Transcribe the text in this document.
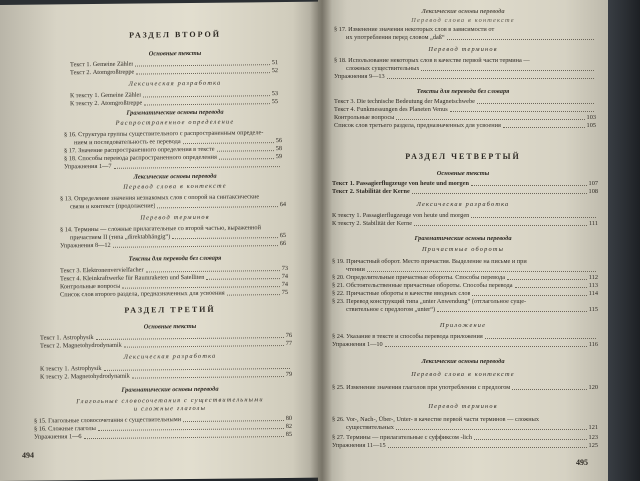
РАЗДЕЛ ВТОРОЙ
Основные тексты
Текст 1. Gemeine Zähler	51
Текст 2. Atomgroßtreppe	52
Лексическая разработка
К тексту 1. Gemeine Zähler	53
К тексту 2. Atomgroßtreppe	55
Грамматические основы перевода
Распространенное определение
§ 16. Структура группы существительного с распространенным определе-
нием и последовательность ее перевода	56
§ 17. Значение распространенного определения в тексте	58
§ 18. Способы перевода распространенного определения	59
Упражнения 1—7
Лексические основы перевода
Перевод слова в контексте
§ 13. Определение значения незнакомых слов с опорой на синтаксические
связи и контекст (продолжение)	64
Перевод терминов
§ 14. Термины — сложные прилагательные со второй частью, выраженной
причастием II (типа „direktabhängig“)	65
Упражнения 8—12	66
Тексты для перевода без словаря
Текст 3. Elektronenvervielfacher	73
Текст 4. Kleinkraftwerke für Raumraketen und Satelliten	74
Контрольные вопросы	74
Список слов второго раздела, предназначенных для усвоения	75
РАЗДЕЛ ТРЕТИЙ
Основные тексты
Текст 1. Astrophysik	76
Текст 2. Magnetohydrodynamik	77
Лексическая разработка
К тексту 1. Astrophysik
К тексту 2. Magnetohydrodynamik	79
Грамматические основы перевода
Глагольные словосочетания с существительными
и сложные глаголы
§ 15. Глагольные словосочетания с существительными	80
§ 16. Сложные глаголы	82
Упражнения 1—6	85
494
Лексические основы перевода
Перевод слова в контексте
§ 17. Изменение значения некоторых слов в зависимости от
их употребления перед словом „daß“
Перевод терминов
§ 18. Использование некоторых слов в качестве первой части термина —
сложных существительных
Упражнения 9—13
Тексты для перевода без словаря
Текст 3. Die technische Bedeutung der Magnetschwebe
Текст 4. Funkmessungen des Planeten Venus
Контрольные вопросы	103
Список слов третьего раздела, предназначенных для усвоения	105
РАЗДЕЛ ЧЕТВЕРТЫЙ
Основные тексты
Текст 1. Passagierflugzeuge von heute und morgen	107
Текст 2. Stabilität der Kerne	108
Лексическая разработка
К тексту 1. Passagierflugzeuge von heute und morgen
К тексту 2. Stabilität der Kerne	111
Грамматические основы перевода
Причастные обороты
§ 19. Причастный оборот. Место причастия. Выделение на письме и при
чтении
§ 20. Определительные причастные обороты. Способы перевода	112
§ 21. Обстоятельственные причастные обороты. Способы перевода	113
§ 22. Причастные обороты в качестве вводных слов	114
§ 23. Перевод конструкций типа „unter Anwendung“ (отглагольное суще-
ствительное с предлогом „unter“)	115
Приложение
§ 24. Указание в тексте и способы перевода приложения
Упражнения 1—10	116
Лексические основы перевода
Перевод слова в контексте
§ 25. Изменение значения глаголов при употреблении с предлогом	120
Перевод терминов
§ 26. Vor-, Nach-, Über-, Unter- в качестве первой части терминов — сложных
существительных	121
§ 27. Термины — прилагательные с суффиксом -lich	123
Упражнения 11—15	125
495
